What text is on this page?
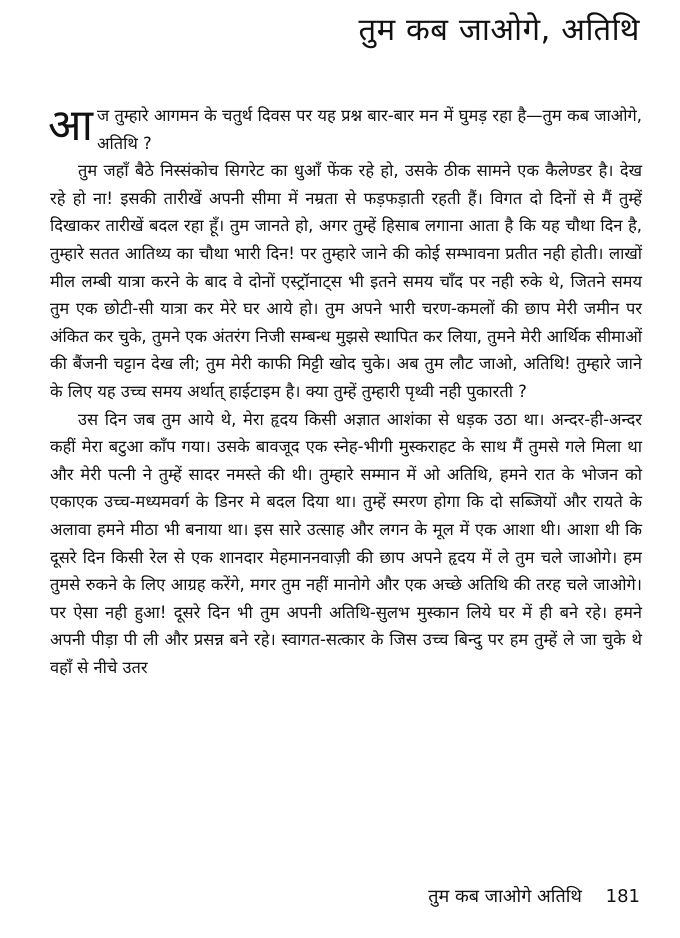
तुम कब जाओगे, अतिथि

आज तुम्हारे आगमन के चतुर्थ दिवस पर यह प्रश्न बार-बार मन में घुमड़ रहा है—तुम कब जाओगे, अतिथि ?

तुम जहाँ बैठे निस्संकोच सिगरेट का धुआँ फेंक रहे हो, उसके ठीक सामने एक कैलेण्डर है। देख रहे हो ना! इसकी तारीखें अपनी सीमा में नम्रता से फड़फड़ाती रहती हैं। विगत दो दिनों से मैं तुम्हें दिखाकर तारीखें बदल रहा हूँ। तुम जानते हो, अगर तुम्हें हिसाब लगाना आता है कि यह चौथा दिन है, तुम्हारे सतत आतिथ्य का चौथा भारी दिन! पर तुम्हारे जाने की कोई सम्भावना प्रतीत नही होती। लाखों मील लम्बी यात्रा करने के बाद वे दोनों एस्ट्रॉनाट्स भी इतने समय चाँद पर नही रुके थे, जितने समय तुम एक छोटी-सी यात्रा कर मेरे घर आये हो। तुम अपने भारी चरण-कमलों की छाप मेरी जमीन पर अंकित कर चुके, तुमने एक अंतरंग निजी सम्बन्ध मुझसे स्थापित कर लिया, तुमने मेरी आर्थिक सीमाओं की बैंजनी चट्टान देख ली; तुम मेरी काफी मिट्टी खोद चुके। अब तुम लौट जाओ, अतिथि! तुम्हारे जाने के लिए यह उच्च समय अर्थात् हाईटाइम है। क्या तुम्हें तुम्हारी पृथ्वी नही पुकारती ?

उस दिन जब तुम आये थे, मेरा हृदय किसी अज्ञात आशंका से धड़क उठा था। अन्दर-ही-अन्दर कहीं मेरा बटुआ काँप गया। उसके बावजूद एक स्नेह-भीगी मुस्कराहट के साथ मैं तुमसे गले मिला था और मेरी पत्नी ने तुम्हें सादर नमस्ते की थी। तुम्हारे सम्मान में ओ अतिथि, हमने रात के भोजन को एकाएक उच्च-मध्यमवर्ग के डिनर मे बदल दिया था। तुम्हें स्मरण होगा कि दो सब्जियों और रायते के अलावा हमने मीठा भी बनाया था। इस सारे उत्साह और लगन के मूल में एक आशा थी। आशा थी कि दूसरे दिन किसी रेल से एक शानदार मेहमाननवाज़ी की छाप अपने हृदय में ले तुम चले जाओगे। हम तुमसे रुकने के लिए आग्रह करेंगे, मगर तुम नहीं मानोगे और एक अच्छे अतिथि की तरह चले जाओगे। पर ऐसा नही हुआ! दूसरे दिन भी तुम अपनी अतिथि-सुलभ मुस्कान लिये घर में ही बने रहे। हमने अपनी पीड़ा पी ली और प्रसन्न बने रहे। स्वागत-सत्कार के जिस उच्च बिन्दु पर हम तुम्हें ले जा चुके थे वहाँ से नीचे उतर

तुम कब जाओगे अतिथि 181
